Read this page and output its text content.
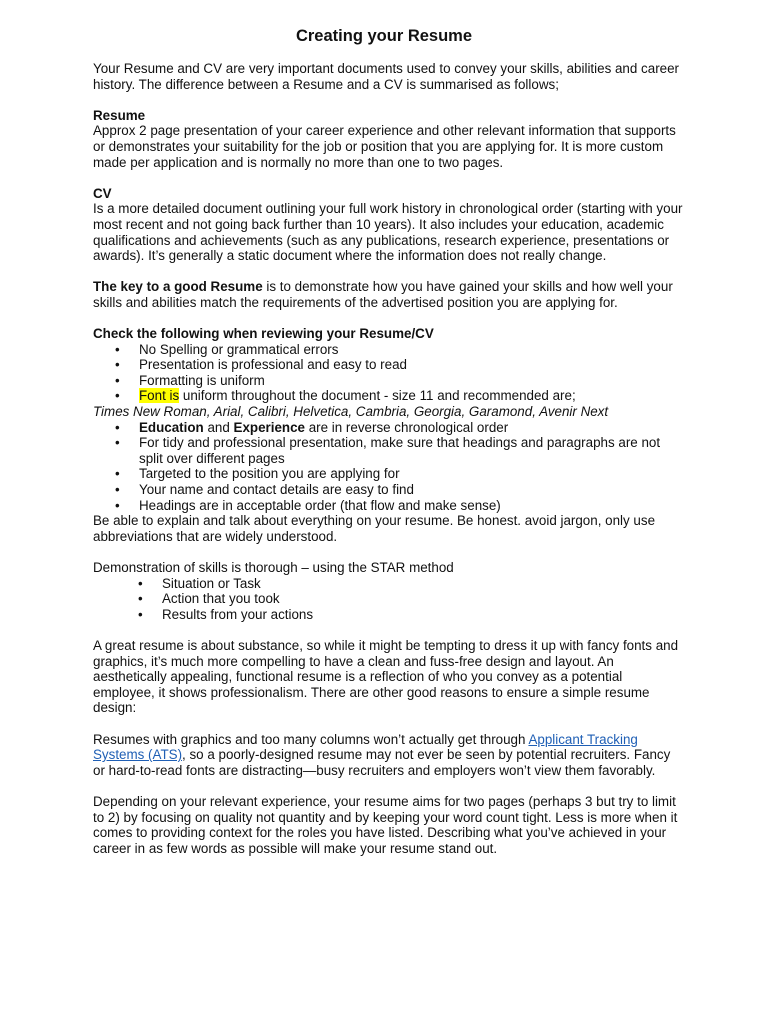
Creating your Resume

Your Resume and CV are very important documents used to convey your skills, abilities and career history. The difference between a Resume and a CV is summarised as follows;

Resume

Approx 2 page presentation of your career experience and other relevant information that supports or demonstrates your suitability for the job or position that you are applying for. It is more custom made per application and is normally no more than one to two pages.

CV

Is a more detailed document outlining your full work history in chronological order (starting with your most recent and not going back further than 10 years). It also includes your education, academic qualifications and achievements (such as any publications, research experience, presentations or awards). It’s generally a static document where the information does not really change.

The key to a good Resume is to demonstrate how you have gained your skills and how well your skills and abilities match the requirements of the advertised position you are applying for.

Check the following when reviewing your Resume/CV

• No Spelling or grammatical errors
• Presentation is professional and easy to read
• Formatting is uniform
• Font is uniform throughout the document - size 11 and recommended are;

Times New Roman, Arial, Calibri, Helvetica, Cambria, Georgia, Garamond, Avenir Next

• Education and Experience are in reverse chronological order
• For tidy and professional presentation, make sure that headings and paragraphs are not split over different pages
• Targeted to the position you are applying for
• Your name and contact details are easy to find
• Headings are in acceptable order (that flow and make sense)

Be able to explain and talk about everything on your resume. Be honest. avoid jargon, only use abbreviations that are widely understood.

Demonstration of skills is thorough – using the STAR method

• Situation or Task
• Action that you took
• Results from your actions

A great resume is about substance, so while it might be tempting to dress it up with fancy fonts and graphics, it’s much more compelling to have a clean and fuss-free design and layout. An aesthetically appealing, functional resume is a reflection of who you convey as a potential employee, it shows professionalism. There are other good reasons to ensure a simple resume design:

Resumes with graphics and too many columns won’t actually get through Applicant Tracking Systems (ATS), so a poorly-designed resume may not ever be seen by potential recruiters. Fancy or hard-to-read fonts are distracting—busy recruiters and employers won’t view them favorably.

Depending on your relevant experience, your resume aims for two pages (perhaps 3 but try to limit to 2) by focusing on quality not quantity and by keeping your word count tight. Less is more when it comes to providing context for the roles you have listed. Describing what you’ve achieved in your career in as few words as possible will make your resume stand out.
